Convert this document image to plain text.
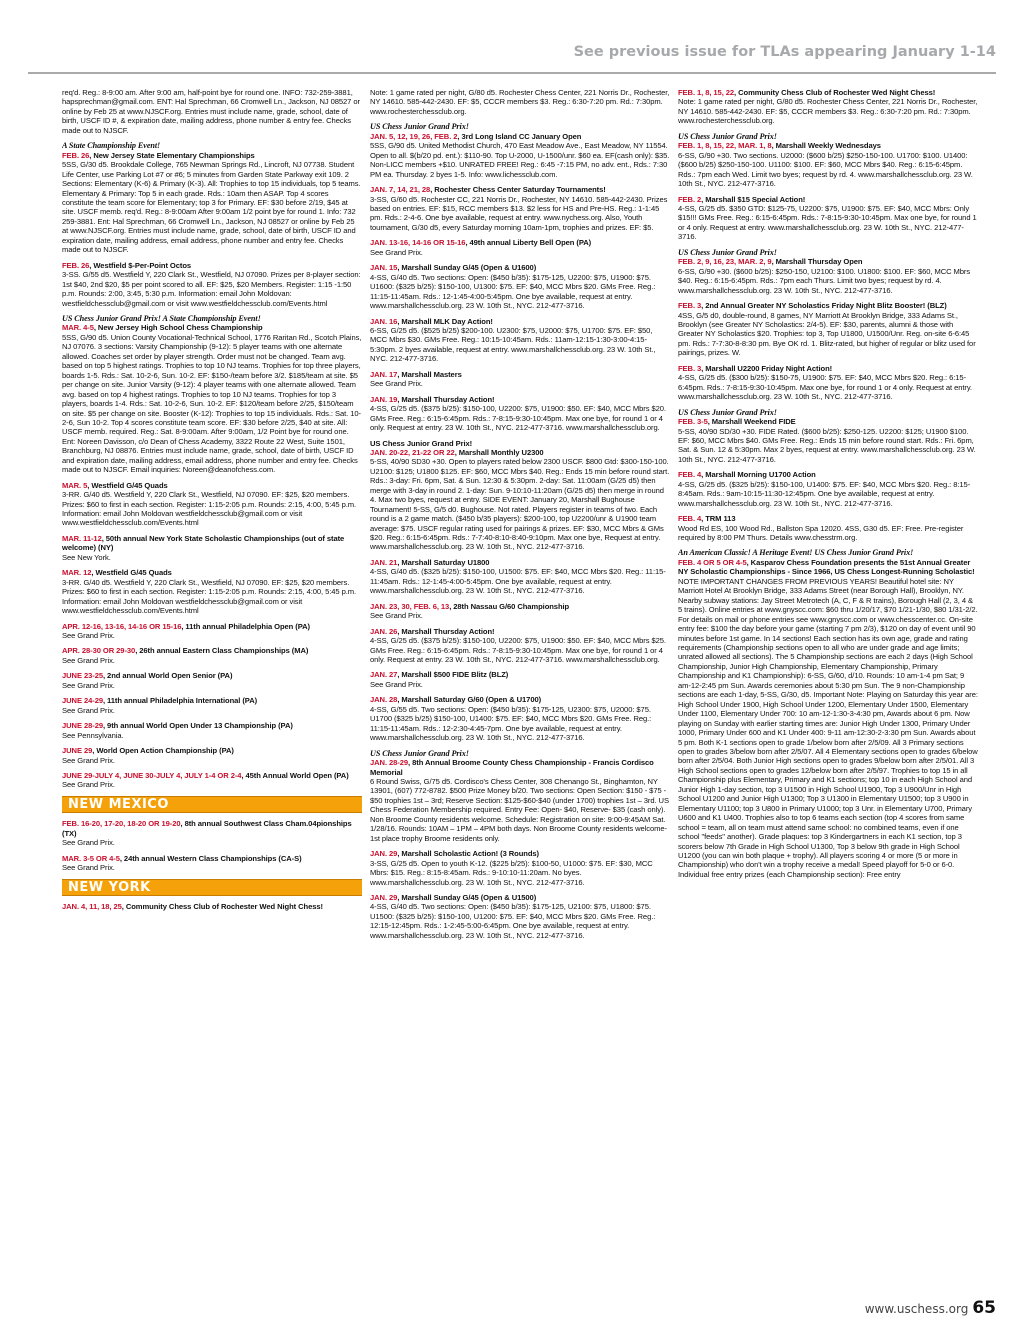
See previous issue for TLAs appearing January 1-14

req'd. Reg.: 8-9:00 am. After 9:00 am, half-point bye for round one. INFO: 732-259-3881, hapsprechman@gmail.com. ENT: Hal Sprechman, 66 Cromwell Ln., Jackson, NJ 08527 or online by Feb 25 at www.NJSCF.org. Entries must include name, grade, school, date of birth, USCF ID #, & expiration date, mailing address, phone number & entry fee. Checks made out to NJSCF.

A State Championship Event!

FEB. 26, New Jersey State Elementary Championships

5SS, G/30 d5. Brookdale College, 765 Newman Springs Rd., Lincroft, NJ 07738. Student Life Center, use Parking Lot #7 or #6; 5 minutes from Garden State Parkway exit 109. 2 Sections: Elementary (K-6) & Primary (K-3). All: Trophies to top 15 individuals, top 5 teams. Elementary & Primary: Top 5 in each grade. Rds.: 10am then ASAP. Top 4 scores constitute the team score for Elementary; top 3 for Primary. EF: $30 before 2/19, $45 at site. USCF memb. req'd. Reg.: 8-9:00am After 9:00am 1/2 point bye for round 1. Info: 732 259-3881. Ent: Hal Sprechman, 66 Cromwell Ln., Jackson, NJ 08527 or online by Feb 25 at www.NJSCF.org. Entries must include name, grade, school, date of birth, USCF ID and expiration date, mailing address, email address, phone number and entry fee. Checks made out to NJSCF.

FEB. 26, Westfield $-Per-Point Octos

3-SS. G/55 d5. Westfield Y, 220 Clark St., Westfield, NJ 07090. Prizes per 8-player section: 1st $40, 2nd $20, $5 per point scored to all. EF: $25, $20 Members. Register: 1:15 -1:50 p.m. Rounds: 2:00, 3:45, 5:30 p.m. Information: email John Moldovan: westfieldchessclub@gmail.com or visit www.westfieldchessclub.com/Events.html

US Chess Junior Grand Prix! A State Championship Event!

MAR. 4-5, New Jersey High School Chess Championship

5SS, G/90 d5. Union County Vocational-Technical School, 1776 Raritan Rd., Scotch Plains, NJ 07076. 3 sections: Varsity Championship (9-12): 5 player teams with one alternate allowed. Coaches set order by player strength. Order must not be changed. Team avg. based on top 5 highest ratings. Trophies to top 10 NJ teams. Trophies for top three players, boards 1-5. Rds.: Sat. 10-2-6, Sun. 10-2. EF: $150-/team before 3/2. $185/team at site. $5 per change on site. Junior Varsity (9-12): 4 player teams with one alternate allowed. Team avg. based on top 4 highest ratings. Trophies to top 10 NJ teams. Trophies for top 3 players, boards 1-4. Rds.: Sat. 10-2-6, Sun. 10-2. EF: $120/team before 2/25, $150/team on site. $5 per change on site. Booster (K-12): Trophies to top 15 individuals. Rds.: Sat. 10-2-6, Sun 10-2. Top 4 scores constitute team score. EF: $30 before 2/25, $40 at site. All: USCF memb. required. Reg.: Sat. 8-9:00am. After 9:00am, 1/2 Point bye for round one. Ent: Noreen Davisson, c/o Dean of Chess Academy, 3322 Route 22 West, Suite 1501, Branchburg, NJ 08876. Entries must include name, grade, school, date of birth, USCF ID and expiration date, mailing address, email address, phone number and entry fee. Checks made out to NJSCF. Email inquiries: Noreen@deanofchess.com.

MAR. 5, Westfield G/45 Quads

3-RR. G/40 d5. Westfield Y, 220 Clark St., Westfield, NJ 07090. EF: $25, $20 members. Prizes: $60 to first in each section. Register: 1:15-2:05 p.m. Rounds: 2:15, 4:00, 5:45 p.m. Information: email John Moldovan westfieldchessclub@gmail.com or visit www.westfieldchessclub.com/Events.html

MAR. 11-12, 50th annual New York State Scholastic Championships (out of state welcome) (NY)

See New York.

MAR. 12, Westfield G/45 Quads

3-RR. G/40 d5. Westfield Y, 220 Clark St., Westfield, NJ 07090. EF: $25, $20 members. Prizes: $60 to first in each section. Register: 1:15-2:05 p.m. Rounds: 2:15, 4:00, 5:45 p.m. Information: email John Moldovan westfieldchessclub@gmail.com or visit www.westfieldchessclub.com/Events.html

APR. 12-16, 13-16, 14-16 OR 15-16, 11th annual Philadelphia Open (PA)

See Grand Prix.

APR. 28-30 OR 29-30, 26th annual Eastern Class Championships (MA)

See Grand Prix.

JUNE 23-25, 2nd annual World Open Senior (PA)

See Grand Prix.

JUNE 24-29, 11th annual Philadelphia International (PA)

See Grand Prix.

JUNE 28-29, 9th annual World Open Under 13 Championship (PA)

See Pennsylvania.

JUNE 29, World Open Action Championship (PA)

See Grand Prix.

JUNE 29-JULY 4, JUNE 30-JULY 4, JULY 1-4 OR 2-4, 45th Annual World Open (PA)

See Grand Prix.

NEW MEXICO

FEB. 16-20, 17-20, 18-20 OR 19-20, 8th annual Southwest Class Cham.04pionships (TX)

See Grand Prix.

MAR. 3-5 OR 4-5, 24th annual Western Class Championships (CA-S)

See Grand Prix.

NEW YORK

JAN. 4, 11, 18, 25, Community Chess Club of Rochester Wed Night Chess!

Note: 1 game rated per night, G/80 d5. Rochester Chess Center, 221 Norris Dr., Rochester, NY 14610. 585-442-2430. EF: $5, CCCR members $3. Reg.: 6:30-7:20 pm. Rd.: 7:30pm. www.rochesterchessclub.org.

US Chess Junior Grand Prix!

JAN. 5, 12, 19, 26, FEB. 2, 3rd Long Island CC January Open

5SS, G/90 d5. United Methodist Church, 470 East Meadow Ave., East Meadow, NY 11554. Open to all. $(b/20 pd. ent.): $110-90. Top U-2000, U-1500/unr. $60 ea. EF(cash only): $35. Non-LICC members +$10. UNRATED FREE! Reg.: 6:45 -7:15 PM, no adv. ent., Rds.: 7:30 PM ea. Thursday. 2 byes 1-5. Info: www.lichessclub.com.

JAN. 7, 14, 21, 28, Rochester Chess Center Saturday Tournaments!

3-SS, G/60 d5. Rochester CC, 221 Norris Dr., Rochester, NY 14610. 585-442-2430. Prizes based on entries. EF: $15, RCC members $13. $2 less for HS and Pre-HS. Reg.: 1-1:45 pm. Rds.: 2-4-6. One bye available, request at entry. www.nychess.org. Also, Youth tournament, G/30 d5, every Saturday morning 10am-1pm, trophies and prizes. EF: $5.

JAN. 13-16, 14-16 OR 15-16, 49th annual Liberty Bell Open (PA)

See Grand Prix.

JAN. 15, Marshall Sunday G/45 (Open & U1600)

4-SS, G/40 d5. Two sections: Open: ($450 b/35): $175-125, U2200: $75, U1900: $75. U1600: ($325 b/25): $150-100, U1300: $75. EF: $40, MCC Mbrs $20. GMs Free. Reg.: 11:15-11:45am. Rds.: 12-1:45-4:00-5:45pm. One bye available, request at entry. www.marshallchessclub.org. 23 W. 10th St., NYC. 212-477-3716.

JAN. 16, Marshall MLK Day Action!

6-SS, G/25 d5. ($525 b/25) $200-100. U2300: $75, U2000: $75, U1700: $75. EF: $50, MCC Mbrs $30. GMs Free. Reg.: 10:15-10:45am. Rds.: 11am-12:15-1:30-3:00-4:15-5:30pm. 2 byes available, request at entry. www.marshallchessclub.org. 23 W. 10th St., NYC. 212-477-3716.

JAN. 17, Marshall Masters

See Grand Prix.

JAN. 19, Marshall Thursday Action!

4-SS, G/25 d5. ($375 b/25): $150-100, U2200: $75, U1900: $50. EF: $40, MCC Mbrs $20. GMs Free. Reg.: 6:15-6:45pm. Rds.: 7-8:15-9:30-10:45pm. Max one bye, for round 1 or 4 only. Request at entry. 23 W. 10th St., NYC. 212-477-3716. www.marshallchessclub.org.

US Chess Junior Grand Prix!

JAN. 20-22, 21-22 OR 22, Marshall Monthly U2300

5-SS, 40/90 SD30 +30. Open to players rated below 2300 USCF. $800 Gtd: $300-150-100. U2100: $125; U1800 $125. EF: $60, MCC Mbrs $40. Reg.: Ends 15 min before round start. Rds.: 3-day: Fri. 6pm, Sat. & Sun. 12:30 & 5:30pm. 2-day: Sat. 11:00am (G/25 d5) then merge with 3-day in round 2. 1-day: Sun. 9-10:10-11:20am (G/25 d5) then merge in round 4. Max two byes, request at entry. SIDE EVENT: January 20, Marshall Bughouse Tournament! 5-SS, G/5 d0. Bughouse. Not rated. Players register in teams of two. Each round is a 2 game match. ($450 b/35 players): $200-100, top U2200/unr & U1900 team average: $75. USCF regular rating used for pairings & prizes. EF: $30, MCC Mbrs & GMs $20. Reg.: 6:15-6:45pm. Rds.: 7-7:40-8:10-8:40-9:10pm. Max one bye, Request at entry. www.marshallchessclub.org. 23 W. 10th St., NYC. 212-477-3716.

JAN. 21, Marshall Saturday U1800

4-SS, G/40 d5. ($325 b/25): $150-100, U1500: $75. EF: $40, MCC Mbrs $20. Reg.: 11:15-11:45am. Rds.: 12-1:45-4:00-5:45pm. One bye available, request at entry. www.marshallchessclub.org. 23 W. 10th St., NYC. 212-477-3716.

JAN. 23, 30, FEB. 6, 13, 28th Nassau G/60 Championship

See Grand Prix.

JAN. 26, Marshall Thursday Action!

4-SS, G/25 d5. ($375 b/25): $150-100, U2200: $75, U1900: $50. EF: $40, MCC Mbrs $25. GMs Free. Reg.: 6:15-6:45pm. Rds.: 7-8:15-9:30-10:45pm. Max one bye, for round 1 or 4 only. Request at entry. 23 W. 10th St., NYC. 212-477-3716. www.marshallchessclub.org.

JAN. 27, Marshall $500 FIDE Blitz (BLZ)

See Grand Prix.

JAN. 28, Marshall Saturday G/60 (Open & U1700)

4-SS, G/55 d5. Two sections: Open: ($450 b/35): $175-125, U2300: $75, U2000: $75. U1700 ($325 b/25) $150-100, U1400: $75. EF: $40, MCC Mbrs $20. GMs Free. Reg.: 11:15-11:45am. Rds.: 12-2:30-4:45-7pm. One bye available, request at entry. www.marshallchessclub.org. 23 W. 10th St., NYC. 212-477-3716.

US Chess Junior Grand Prix!

JAN. 28-29, 8th Annual Broome County Chess Championship - Francis Cordisco Memorial

6 Round Swiss, G/75 d5. Cordisco's Chess Center, 308 Chenango St., Binghamton, NY 13901, (607) 772-8782. $500 Prize Money b/20. Two sections: Open Section: $150 - $75 - $50 trophies 1st – 3rd; Reserve Section: $125-$60-$40 (under 1700) trophies 1st – 3rd. US Chess Federation Membership required. Entry Fee: Open- $40, Reserve- $35 (cash only). Non Broome County residents welcome. Schedule: Registration on site: 9:00-9:45AM Sat. 1/28/16. Rounds: 10AM – 1PM – 4PM both days. Non Broome County residents welcome- 1st place trophy Broome residents only.

JAN. 29, Marshall Scholastic Action! (3 Rounds)

3-SS, G/25 d5. Open to youth K-12. ($225 b/25): $100-50, U1000: $75. EF: $30, MCC Mbrs: $15. Reg.: 8:15-8:45am. Rds.: 9-10:10-11:20am. No byes. www.marshallchessclub.org. 23 W. 10th St., NYC. 212-477-3716.

JAN. 29, Marshall Sunday G/45 (Open & U1500)

4-SS, G/40 d5. Two sections: Open: ($450 b/35): $175-125, U2100: $75, U1800: $75. U1500: ($325 b/25): $150-100, U1200: $75. EF: $40, MCC Mbrs $20. GMs Free. Reg.: 12:15-12:45pm. Rds.: 1-2:45-5:00-6:45pm. One bye available, request at entry. www.marshallchessclub.org. 23 W. 10th St., NYC. 212-477-3716.

FEB. 1, 8, 15, 22, Community Chess Club of Rochester Wed Night Chess!

Note: 1 game rated per night, G/80 d5. Rochester Chess Center, 221 Norris Dr., Rochester, NY 14610. 585-442-2430. EF: $5, CCCR members $3. Reg.: 6:30-7:20 pm. Rd.: 7:30pm. www.rochesterchessclub.org.

US Chess Junior Grand Prix!

FEB. 1, 8, 15, 22, MAR. 1, 8, Marshall Weekly Wednesdays

6-SS, G/90 +30. Two sections. U2000: ($600 b/25) $250-150-100. U1700: $100. U1400: ($600 b/25) $250-150-100. U1100: $100. EF: $60, MCC Mbrs $40. Reg.: 6:15-6:45pm. Rds.: 7pm each Wed. Limit two byes; request by rd. 4. www.marshallchessclub.org. 23 W. 10th St., NYC. 212-477-3716.

FEB. 2, Marshall $15 Special Action!

4-SS, G/25 d5. $350 GTD: $125-75, U2200: $75, U1900: $75. EF: $40, MCC Mbrs: Only $15!!! GMs Free. Reg.: 6:15-6:45pm. Rds.: 7-8:15-9:30-10:45pm. Max one bye, for round 1 or 4 only. Request at entry. www.marshallchessclub.org. 23 W. 10th St., NYC. 212-477-3716.

US Chess Junior Grand Prix!

FEB. 2, 9, 16, 23, MAR. 2, 9, Marshall Thursday Open

6-SS, G/90 +30. ($600 b/25): $250-150, U2100: $100. U1800: $100. EF: $60, MCC Mbrs $40. Reg.: 6:15-6:45pm. Rds.: 7pm each Thurs. Limit two byes; request by rd. 4. www.marshallchessclub.org. 23 W. 10th St., NYC. 212-477-3716.

FEB. 3, 2nd Annual Greater NY Scholastics Friday Night Blitz Booster! (BLZ)

4SS, G/5 d0, double-round, 8 games, NY Marriott At Brooklyn Bridge, 333 Adams St., Brooklyn (see Greater NY Scholastics: 2/4-5). EF: $30, parents, alumni & those with Greater NY Scholastics $20. Trophies: top 3, Top U1800, U1500/Unr. Reg. on-site 6-6:45 pm. Rds.: 7-7:30-8-8:30 pm. Bye OK rd. 1. Blitz-rated, but higher of regular or blitz used for pairings, prizes. W.

FEB. 3, Marshall U2200 Friday Night Action!

4-SS, G/25 d5. ($300 b/25): $150-75, U1900: $75. EF: $40, MCC Mbrs $20. Reg.: 6:15-6:45pm. Rds.: 7-8:15-9:30-10:45pm. Max one bye, for round 1 or 4 only. Request at entry. www.marshallchessclub.org. 23 W. 10th St., NYC. 212-477-3716.

US Chess Junior Grand Prix!

FEB. 3-5, Marshall Weekend FIDE

5-SS, 40/90 SD/30 +30. FIDE Rated. ($600 b/25): $250-125. U2200: $125; U1900 $100. EF: $60, MCC Mbrs $40. GMs Free. Reg.: Ends 15 min before round start. Rds.: Fri. 6pm, Sat. & Sun. 12 & 5:30pm. Max 2 byes, request at entry. www.marshallchessclub.org. 23 W. 10th St., NYC. 212-477-3716.

FEB. 4, Marshall Morning U1700 Action

4-SS, G/25 d5. ($325 b/25): $150-100, U1400: $75. EF: $40, MCC Mbrs $20. Reg.: 8:15-8:45am. Rds.: 9am-10:15-11:30-12:45pm. One bye available, request at entry. www.marshallchessclub.org. 23 W. 10th St., NYC. 212-477-3716.

FEB. 4, TRM 113

Wood Rd ES, 100 Wood Rd., Ballston Spa 12020. 4SS, G30 d5. EF: Free. Pre-register required by 8:00 PM Thurs. Details www.chesstrm.org.

An American Classic! A Heritage Event! US Chess Junior Grand Prix!

FEB. 4 OR 5 OR 4-5, Kasparov Chess Foundation presents the 51st Annual Greater NY Scholastic Championships - Since 1966, US Chess Longest-Running Scholastic!

NOTE IMPORTANT CHANGES FROM PREVIOUS YEARS! Beautiful hotel site: NY Marriott Hotel At Brooklyn Bridge, 333 Adams Street (near Borough Hall), Brooklyn, NY. Nearby subway stations: Jay Street Metrotech (A, C, F & R trains), Borough Hall (2, 3, 4 & 5 trains). Online entries at www.gnyscc.com: $60 thru 1/20/17, $70 1/21-1/30, $80 1/31-2/2. For details on mail or phone entries see www.gnyscc.com or www.chesscenter.cc. On-site entry fee: $100 the day before your game (starting 7 pm 2/3), $120 on day of event until 90 minutes before 1st game. In 14 sections! Each section has its own age, grade and rating requirements (Championship sections open to all who are under grade and age limits; unrated allowed all sections). The 5 Championship sections are each 2 days (High School Championship, Junior High Championship, Elementary Championship, Primary Championship and K1 Championship): 6-SS, G/60, d/10. Rounds: 10 am-1-4 pm Sat; 9 am-12-2:45 pm Sun. Awards ceremonies about 5:30 pm Sun. The 9 non-Championship sections are each 1-day, 5-SS, G/30, d5. Important Note: Playing on Saturday this year are: High School Under 1900, High School Under 1200, Elementary Under 1500, Elementary Under 1100, Elementary Under 700: 10 am-12-1:30-3-4:30 pm, Awards about 6 pm. Now playing on Sunday with earlier starting times are: Junior High Under 1300, Primary Under 1000, Primary Under 600 and K1 Under 400: 9-11 am-12:30-2-3:30 pm Sun. Awards about 5 pm. Both K-1 sections open to grade 1/below born after 2/5/09. All 3 Primary sections open to grades 3/below born after 2/5/07. All 4 Elementary sections open to grades 6/below born after 2/5/04. Both Junior High sections open to grades 9/below born after 2/5/01. All 3 High School sections open to grades 12/below born after 2/5/97. Trophies to top 15 in all Championship plus Elementary, Primary and K1 sections; top 10 in each High School and Junior High 1-day section, top 3 U1500 in High School U1900, Top 3 U900/Unr in High School U1200 and Junior High U1300; Top 3 U1300 in Elementary U1500; top 3 U900 in Elementary U1100; top 3 U800 in Primary U1000; top 3 Unr. in Elementary U700, Primary U600 and K1 U400. Trophies also to top 6 teams each section (top 4 scores from same school = team, all on team must attend same school: no combined teams, even if one school "feeds" another). Grade plaques: top 3 Kindergartners in each K1 section, top 3 scorers below 7th Grade in High School U1300, Top 3 below 9th grade in High School U1200 (you can win both plaque + trophy). All players scoring 4 or more (5 or more in Championship) who don't win a trophy receive a medal! Speed playoff for 5-0 or 6-0. Individual free entry prizes (each Championship section): Free entry

www.uschess.org 65
